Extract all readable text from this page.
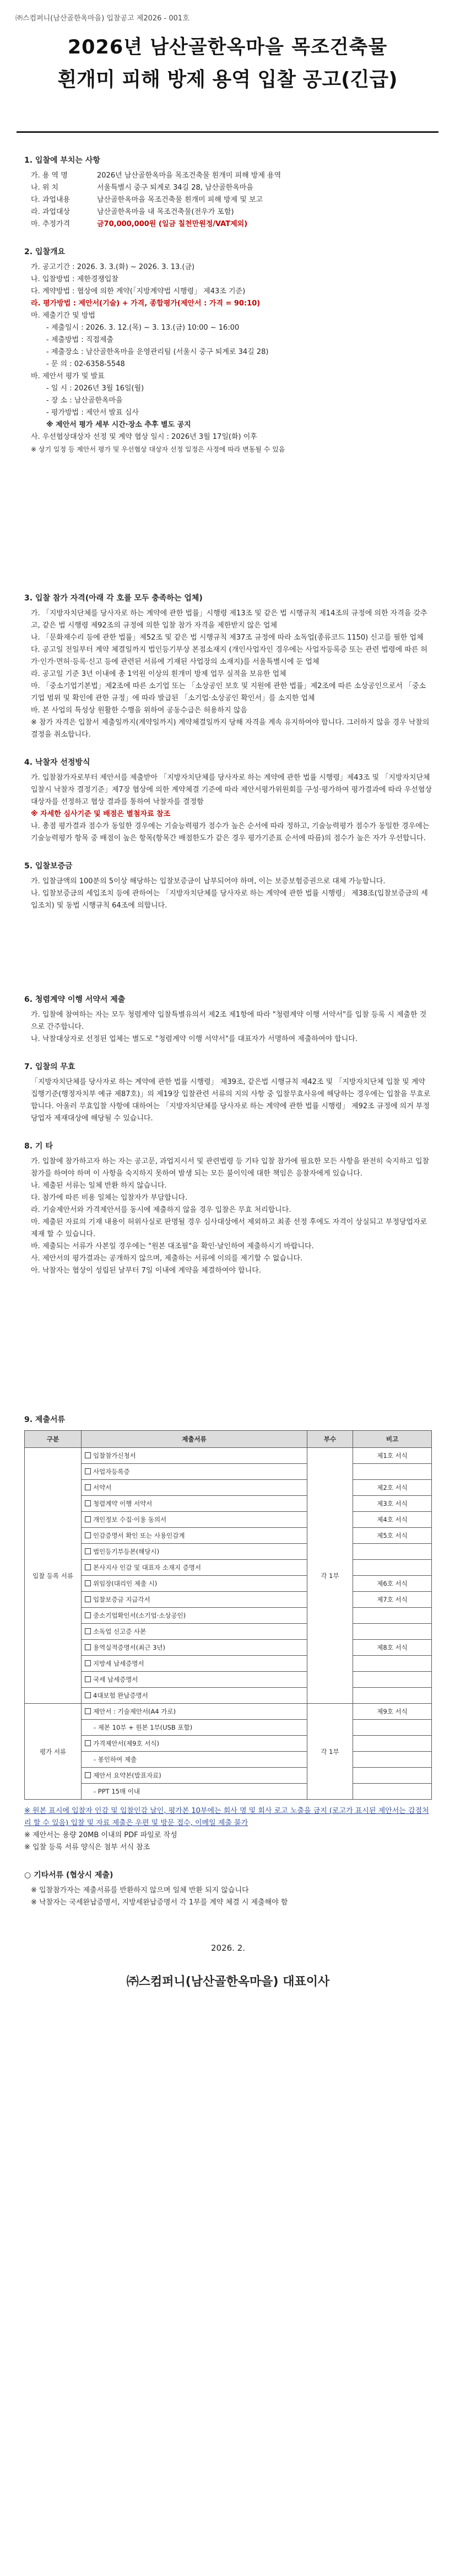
㈜스컴퍼니(남산골한옥마을) 입찰공고 제2026 - 001호
2026년 남산골한옥마을 목조건축물
흰개미 피해 방제 용역 입찰 공고(긴급)
1. 입찰에 부치는 사항
가. 용 역 명	2026년 남산골한옥마을 목조건축물 흰개미 피해 방제 용역
나. 위 치	서울특별시 중구 퇴계로 34길 28, 남산골한옥마을
다. 과업내용	남산골한옥마을 목조건축물 흰개미 피해 방제 및 보고
라. 과업대상	남산골한옥마을 내 목조건축물(전우가 포함)
마. 추정가격	금70,000,000원 (일금 칠천만원정/VAT제외)
2. 입찰개요
가. 공고기간 : 2026. 3. 3.(화) ~ 2026. 3. 13.(금)
나. 입찰방법 : 제한경쟁입찰
다. 계약방법 : 협상에 의한 계약(「지방계약법 시행령」 제43조 기준)
라. 평가방법 : 제안서(기술) + 가격, 종합평가(제안서 : 가격 = 90:10)
마. 제출기간 및 방법
- 제출일시 : 2026. 3. 12.(목) ~ 3. 13.(금) 10:00 ~ 16:00
- 제출방법 : 직접제출
- 제출장소 : 남산골한옥마을 운영관리팀 (서울시 중구 퇴계로 34길 28)
- 문 의 : 02-6358-5548
바. 제안서 평가 및 발표
- 일 시 : 2026년 3월 16일(월)
- 장 소 : 남산골한옥마을
- 평가방법 : 제안서 발표 심사
※ 제안서 평가 세부 시간·장소 추후 별도 공지
사. 우선협상대상자 선정 및 계약 협상 일시 : 2026년 3월 17일(화) 이후
※ 상기 일정 등 제안서 평가 및 우선협상 대상자 선정 일정은 사정에 따라 변동될 수 있음
3. 입찰 참가 자격(아래 각 호를 모두 충족하는 업체)
가. 「지방자치단체를 당사자로 하는 계약에 관한 법률」시행령 제13조 및 같은 법 시행규칙 제14조의 규정에 의한 자격을 갖추고, 같은 법 시행령 제92조의 규정에 의한 입찰 참가 자격을 제한받지 않은 업체
나. 「문화재수리 등에 관한 법률」제52조 및 같은 법 시행규칙 제37조 규정에 따라 소독업(종류코드 1150) 신고를 필한 업체
다. 공고일 전일부터 계약 체결일까지 법인등기부상 본점소재지 (개인사업자인 경우에는 사업자등록증 또는 관련 법령에 따른 허가·인가·면허·등록·신고 등에 관련된 서류에 기재된 사업장의 소재지)를 서울특별시에 둔 업체
라. 공고일 기준 3년 이내에 총 1억원 이상의 흰개미 방제 업무 실적을 보유한 업체
마. 「중소기업기본법」제2조에 따른 소기업 또는 「소상공인 보호 및 지원에 관한 법률」제2조에 따른 소상공인으로서 「중소기업 범위 및 확인에 관한 규정」에 따라 발급된 「소기업·소상공인 확인서」를 소지한 업체
바. 본 사업의 특성상 원활한 수행을 위하여 공동수급은 허용하지 않음
※ 참가 자격은 입찰서 제출일까지(계약일까지) 계약체결일까지 당해 자격을 계속 유지하여야 합니다. 그러하지 않을 경우 낙찰의 결정을 취소합니다.
4. 낙찰자 선정방식
가. 입찰참가자로부터 제안서를 제출받아 「지방자치단체를 당사자로 하는 계약에 관한 법률 시행령」제43조 및 「지방자치단체 입찰시 낙찰자 결정기준」제7장 협상에 의한 계약체결 기준에 따라 제안서평가위원회를 구성·평가하여 평가결과에 따라 우선협상대상자를 선정하고 협상 결과를 통하여 낙찰자를 결정함
※ 자세한 심사기준 및 배점은 별첨자료 참조
나. 총점 평가결과 점수가 동일한 경우에는 기술능력평가 점수가 높은 순서에 따라 정하고, 기술능력평가 점수가 동일한 경우에는 기술능력평가 항목 중 배점이 높은 항목(항목간 배점한도가 같은 경우 평가기준표 순서에 따름)의 점수가 높은 자가 우선합니다.
5. 입찰보증금
가. 입찰금액의 100분의 5이상 해당하는 입찰보증금이 납부되어야 하며, 이는 보증보험증권으로 대체 가능합니다.
나. 입찰보증금의 세입조치 등에 관하여는 「지방자치단체를 당사자로 하는 계약에 관한 법률 시행령」 제38조(입찰보증금의 세입조치) 및 동법 시행규칙 64조에 의합니다.
6. 청렴계약 이행 서약서 제출
가. 입찰에 참여하는 자는 모두 청렴계약 입찰특별유의서 제2조 제1항에 따라 "청렴계약 이행 서약서"를 입찰 등록 시 제출한 것으로 간주합니다.
나. 낙찰대상자로 선정된 업체는 별도로 "청렴계약 이행 서약서"를 대표자가 서명하여 제출하여야 합니다.
7. 입찰의 무효
「지방자치단체를 당사자로 하는 계약에 관한 법률 시행령」 제39조, 같은법 시행규칙 제42조 및 「지방자치단체 입찰 및 계약 집행기준(행정자치부 예규 제87호)」의 제19장 입찰관련 서류의 지의 사항 중 입찰무효사유에 해당하는 경우에는 입찰을 무효로 합니다. 아울러 무효입찰 사항에 대하여는 「지방자치단체를 당사자로 하는 계약에 관한 법률 시행령」 제92조 규정에 의거 부정당업자 제재대상에 해당될 수 있습니다.
8. 기 타
가. 입찰에 참가하고자 하는 자는 공고문, 과업지시서 및 관련법령 등 기타 입찰 참가에 필요한 모든 사항을 완전히 숙지하고 입찰 참가를 하여야 하며 이 사항을 숙지하지 못하여 발생 되는 모든 불이익에 대한 책임은 응찰자에게 있습니다.
나. 제출된 서류는 일체 반환 하지 않습니다.
다. 참가에 따른 비용 일체는 입찰자가 부담합니다.
라. 기술제안서와 가격제안서를 동시에 제출하지 않을 경우 입찰은 무효 처리합니다.
마. 제출된 자료의 기재 내용이 허위사실로 판명될 경우 심사대상에서 제외하고 최종 선정 후에도 자격이 상실되고 부정당업자로 제재 할 수 있습니다.
바. 제출되는 서류가 사본일 경우에는 "원본 대조필"을 확인·날인하여 제출하시기 바랍니다.
사. 제안서의 평가결과는 공개하지 않으며, 제출하는 서류에 이의를 제기할 수 없습니다.
아. 낙찰자는 협상이 성립된 날부터 7일 이내에 계약을 체결하여야 합니다.
9. 제출서류
구분	제출서류	부수	비고
입찰 등록 서류	입찰참가신청서	각 1부	제1호 서식
	사업자등록증		
	서약서		제2호 서식
	청렴계약 이행 서약서		제3호 서식
	개인정보 수집·이용 동의서		제4호 서식
	인감증명서 확인 또는 사용인감계		제5호 서식
	법인등기부등본(해당시)		
	본사지사 인감 및 대표자 소재지 증명서		
	위임장(대리인 제출 시)		제6호 서식
	입찰보증금 지급각서		제7호 서식
	중소기업확인서(소기업·소상공인)		
	소독업 신고증 사본		
	용역실적증명서(최근 3년)		제8호 서식
	지방세 납세증명서		
	국세 납세증명서		
	4대보험 완납증명서		
평가 서류	제안서 : 기술제안서(A4 가로)	각 1부	제9호 서식
	- 제본 10부 + 원본 1부(USB 포함)		
	가격제안서(제9호 서식)		
	- 봉인하여 제출		
	제안서 요약본(발표자료)		
	- PPT 15매 이내		
※ 원본 표시에 입찰자 인감 및 입찰인감 날인, 평가본 10부에는 회사 명 및 회사 로고 노출을 금지 (로고가 표시된 제안서는 감점처리 할 수 있음) 입찰 및 자료 제출은 우편 및 방문 접수, 이메일 제출 불가
※ 제안서는 용량 20MB 이내의 PDF 파일로 작성
※ 입찰 등록 서류 양식은 첨부 서식 참조
○ 기타서류 (협상시 제출)
※ 입찰참가자는 제출서류를 반환하지 않으며 일체 반환 되지 않습니다
※ 낙찰자는 국세완납증명서, 지방세완납증명서 각 1부를 계약 체결 시 제출해야 함
2026. 2.
㈜스컴퍼니(남산골한옥마을) 대표이사
